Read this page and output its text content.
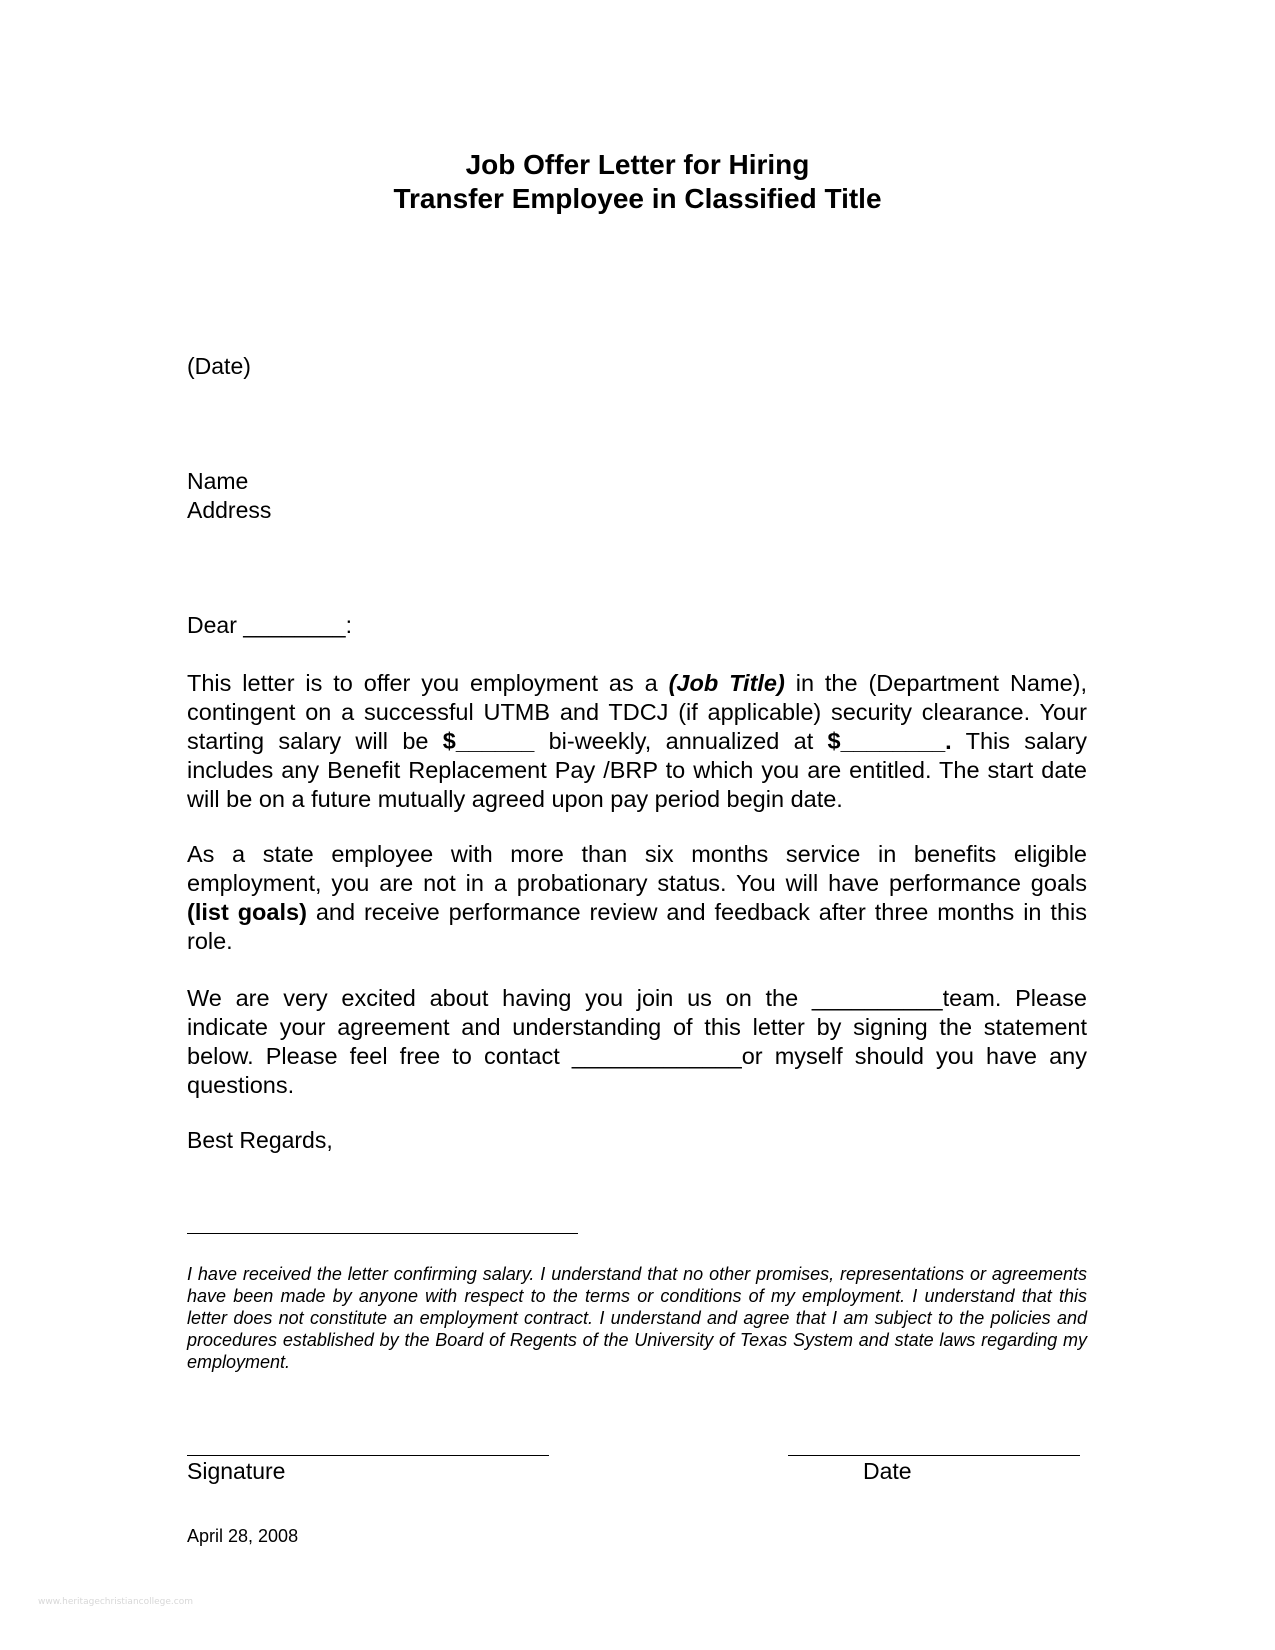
Job Offer Letter for Hiring
Transfer Employee in Classified Title
(Date)
Name
Address
Dear ________:
This letter is to offer you employment as a (Job Title) in the (Department Name), contingent on a successful UTMB and TDCJ (if applicable) security clearance. Your starting salary will be $______ bi-weekly, annualized at $________. This salary includes any Benefit Replacement Pay /BRP to which you are entitled. The start date will be on a future mutually agreed upon pay period begin date.
As a state employee with more than six months service in benefits eligible employment, you are not in a probationary status. You will have performance goals (list goals) and receive performance review and feedback after three months in this role.
We are very excited about having you join us on the __________team. Please indicate your agreement and understanding of this letter by signing the statement below. Please feel free to contact _____________or myself should you have any questions.
Best Regards,
I have received the letter confirming salary. I understand that no other promises, representations or agreements have been made by anyone with respect to the terms or conditions of my employment. I understand that this letter does not constitute an employment contract. I understand and agree that I am subject to the policies and procedures established by the Board of Regents of the University of Texas System and state laws regarding my employment.
Signature	Date
April 28, 2008
www.heritagechristiancollege.com
